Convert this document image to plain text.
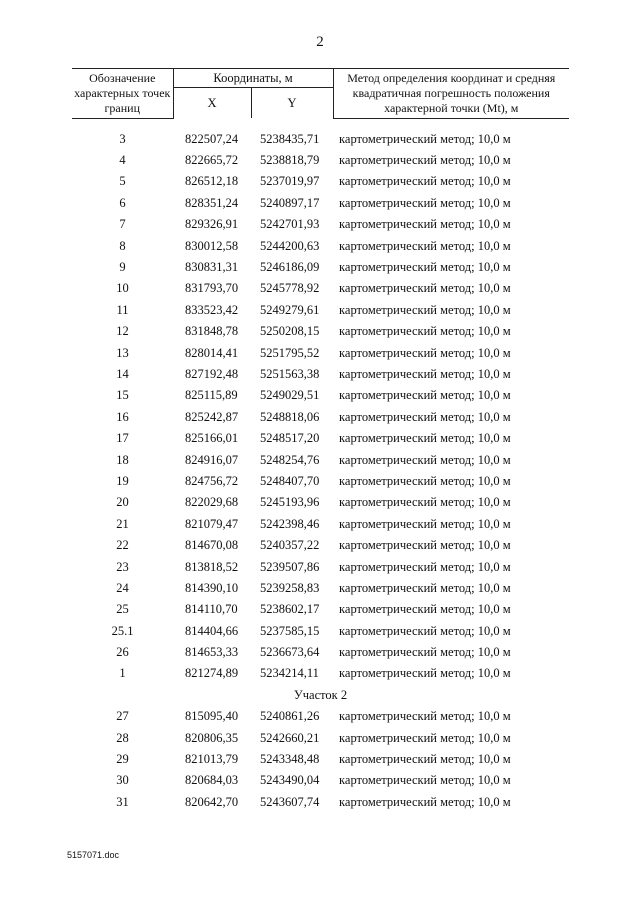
2
Обозначение характерных точек границ	Координаты, м		Метод определения координат и средняя квадратичная погрешность положения характерной точки (Mt), м
	X	Y	

3	822507,24	5238435,71	картометрический метод; 10,0 м
4	822665,72	5238818,79	картометрический метод; 10,0 м
5	826512,18	5237019,97	картометрический метод; 10,0 м
6	828351,24	5240897,17	картометрический метод; 10,0 м
7	829326,91	5242701,93	картометрический метод; 10,0 м
8	830012,58	5244200,63	картометрический метод; 10,0 м
9	830831,31	5246186,09	картометрический метод; 10,0 м
10	831793,70	5245778,92	картометрический метод; 10,0 м
11	833523,42	5249279,61	картометрический метод; 10,0 м
12	831848,78	5250208,15	картометрический метод; 10,0 м
13	828014,41	5251795,52	картометрический метод; 10,0 м
14	827192,48	5251563,38	картометрический метод; 10,0 м
15	825115,89	5249029,51	картометрический метод; 10,0 м
16	825242,87	5248818,06	картометрический метод; 10,0 м
17	825166,01	5248517,20	картометрический метод; 10,0 м
18	824916,07	5248254,76	картометрический метод; 10,0 м
19	824756,72	5248407,70	картометрический метод; 10,0 м
20	822029,68	5245193,96	картометрический метод; 10,0 м
21	821079,47	5242398,46	картометрический метод; 10,0 м
22	814670,08	5240357,22	картометрический метод; 10,0 м
23	813818,52	5239507,86	картометрический метод; 10,0 м
24	814390,10	5239258,83	картометрический метод; 10,0 м
25	814110,70	5238602,17	картометрический метод; 10,0 м
25.1	814404,66	5237585,15	картометрический метод; 10,0 м
26	814653,33	5236673,64	картометрический метод; 10,0 м
1	821274,89	5234214,11	картометрический метод; 10,0 м
Участок 2			
27	815095,40	5240861,26	картометрический метод; 10,0 м
28	820806,35	5242660,21	картометрический метод; 10,0 м
29	821013,79	5243348,48	картометрический метод; 10,0 м
30	820684,03	5243490,04	картометрический метод; 10,0 м
31	820642,70	5243607,74	картометрический метод; 10,0 м
5157071.doc
